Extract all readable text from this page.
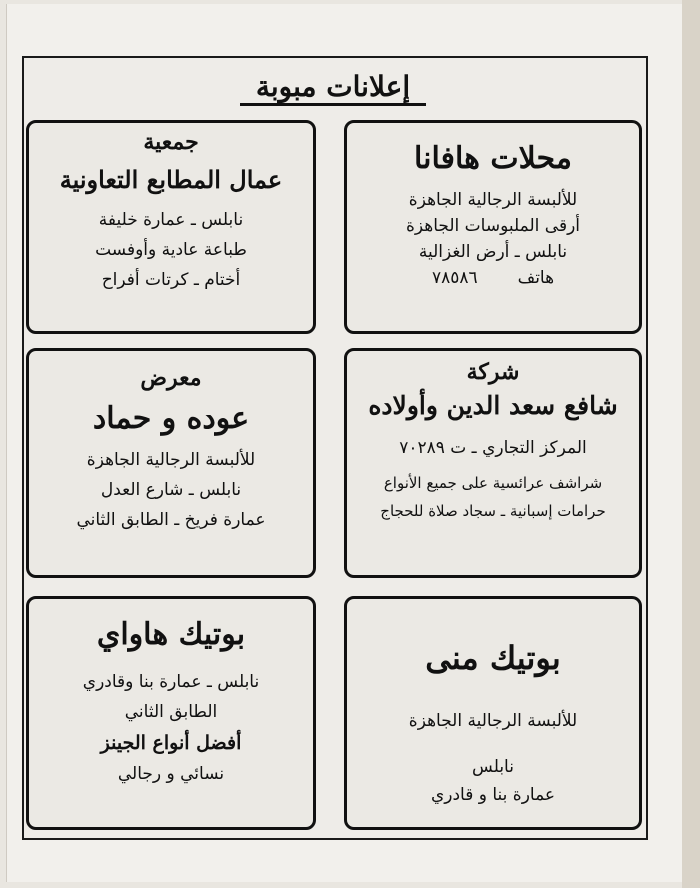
إعلانات مبوبة
محلات هافانا
للألبسة الرجالية الجاهزة
أرقى الملبوسات الجاهزة
نابلس ـ أرض الغزالية
هاتف
٧٨٥٨٦
جمعية
عمال المطابع التعاونية
نابلس ـ عمارة خليفة
طباعة عادية وأوفست
أختام ـ كرتات أفراح
شركة
شافع سعد الدين وأولاده
المركز التجاري ـ ت ٧٠٢٨٩
شراشف عرائسية على جميع الأنواع
حرامات إسبانية ـ سجاد صلاة للحجاج
معرض
عوده و حماد
للألبسة الرجالية الجاهزة
نابلس ـ شارع العدل
عمارة فريخ ـ الطابق الثاني
بوتيك منى
للألبسة الرجالية الجاهزة
نابلس
عمارة بنا و قادري
بوتيك هاواي
نابلس ـ عمارة بنا وقادري
الطابق الثاني
أفضل أنواع الجينز
نسائي و رجالي
